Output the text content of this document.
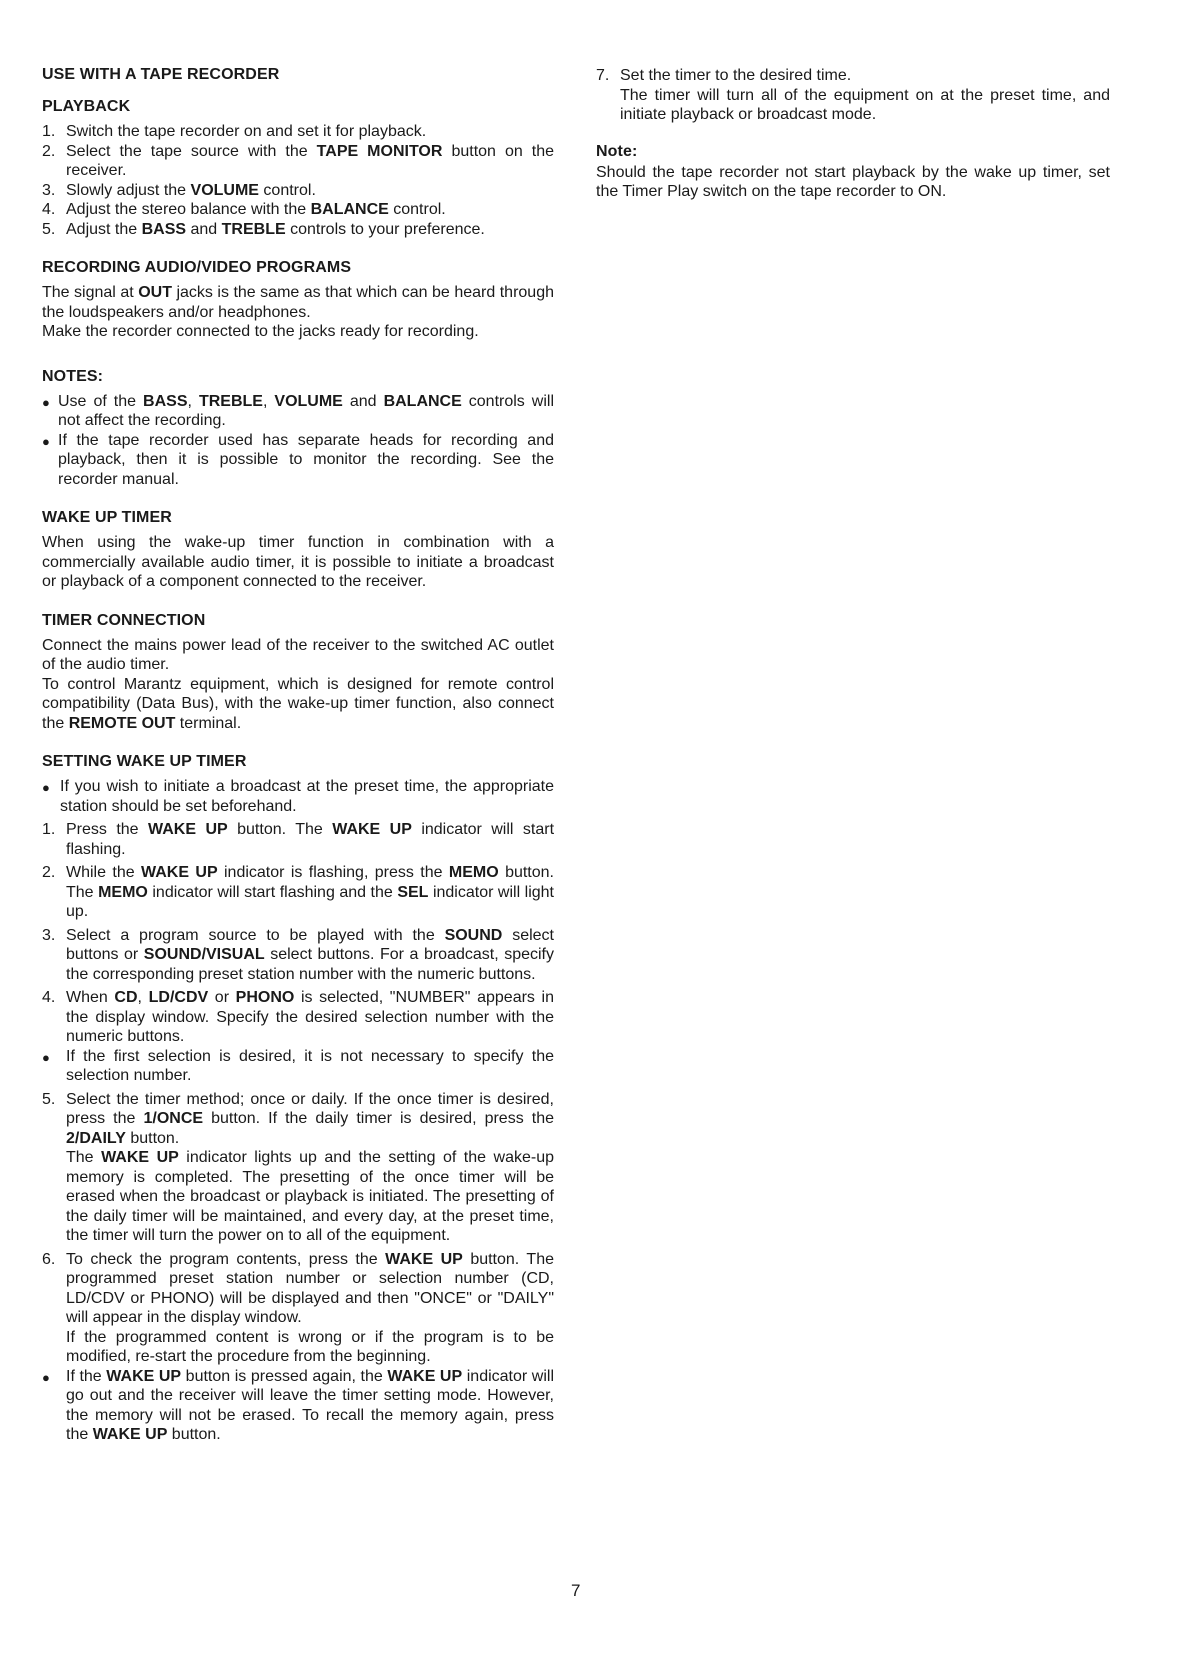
USE WITH A TAPE RECORDER
PLAYBACK
1. Switch the tape recorder on and set it for playback.
2. Select the tape source with the TAPE MONITOR button on the receiver.
3. Slowly adjust the VOLUME control.
4. Adjust the stereo balance with the BALANCE control.
5. Adjust the BASS and TREBLE controls to your preference.
RECORDING AUDIO/VIDEO PROGRAMS

The signal at OUT jacks is the same as that which can be heard through the loudspeakers and/or headphones.

Make the recorder connected to the jacks ready for recording.

NOTES:
● Use of the BASS, TREBLE, VOLUME and BALANCE controls will not affect the recording.
● If the tape recorder used has separate heads for recording and playback, then it is possible to monitor the recording. See the recorder manual.
WAKE UP TIMER

When using the wake-up timer function in combination with a commercially available audio timer, it is possible to initiate a broadcast or playback of a component connected to the receiver.

TIMER CONNECTION

Connect the mains power lead of the receiver to the switched AC outlet of the audio timer.

To control Marantz equipment, which is designed for remote control compatibility (Data Bus), with the wake-up timer function, also connect the REMOTE OUT terminal.

SETTING WAKE UP TIMER
● If you wish to initiate a broadcast at the preset time, the appropriate station should be set beforehand.
1. Press the WAKE UP button. The WAKE UP indicator will start flashing.
2. While the WAKE UP indicator is flashing, press the MEMO button. The MEMO indicator will start flashing and the SEL indicator will light up.
3. Select a program source to be played with the SOUND select buttons or SOUND/VISUAL select buttons. For a broadcast, specify the corresponding preset station number with the numeric buttons.
4. When CD, LD/CDV or PHONO is selected, "NUMBER" appears in the display window. Specify the desired selection number with the numeric buttons.
● If the first selection is desired, it is not necessary to specify the selection number.
5. Select the timer method; once or daily. If the once timer is desired, press the 1/ONCE button. If the daily timer is desired, press the 2/DAILY button.
The WAKE UP indicator lights up and the setting of the wake-up memory is completed. The presetting of the once timer will be erased when the broadcast or playback is initiated. The presetting of the daily timer will be maintained, and every day, at the preset time, the timer will turn the power on to all of the equipment.
6. To check the program contents, press the WAKE UP button. The programmed preset station number or selection number (CD, LD/CDV or PHONO) will be displayed and then "ONCE" or "DAILY" will appear in the display window.
If the programmed content is wrong or if the program is to be modified, re-start the procedure from the beginning.
● If the WAKE UP button is pressed again, the WAKE UP indicator will go out and the receiver will leave the timer setting mode. However, the memory will not be erased. To recall the memory again, press the WAKE UP button.
7. Set the timer to the desired time.
The timer will turn all of the equipment on at the preset time, and initiate playback or broadcast mode.
Note:

Should the tape recorder not start playback by the wake up timer, set the Timer Play switch on the tape recorder to ON.

7
